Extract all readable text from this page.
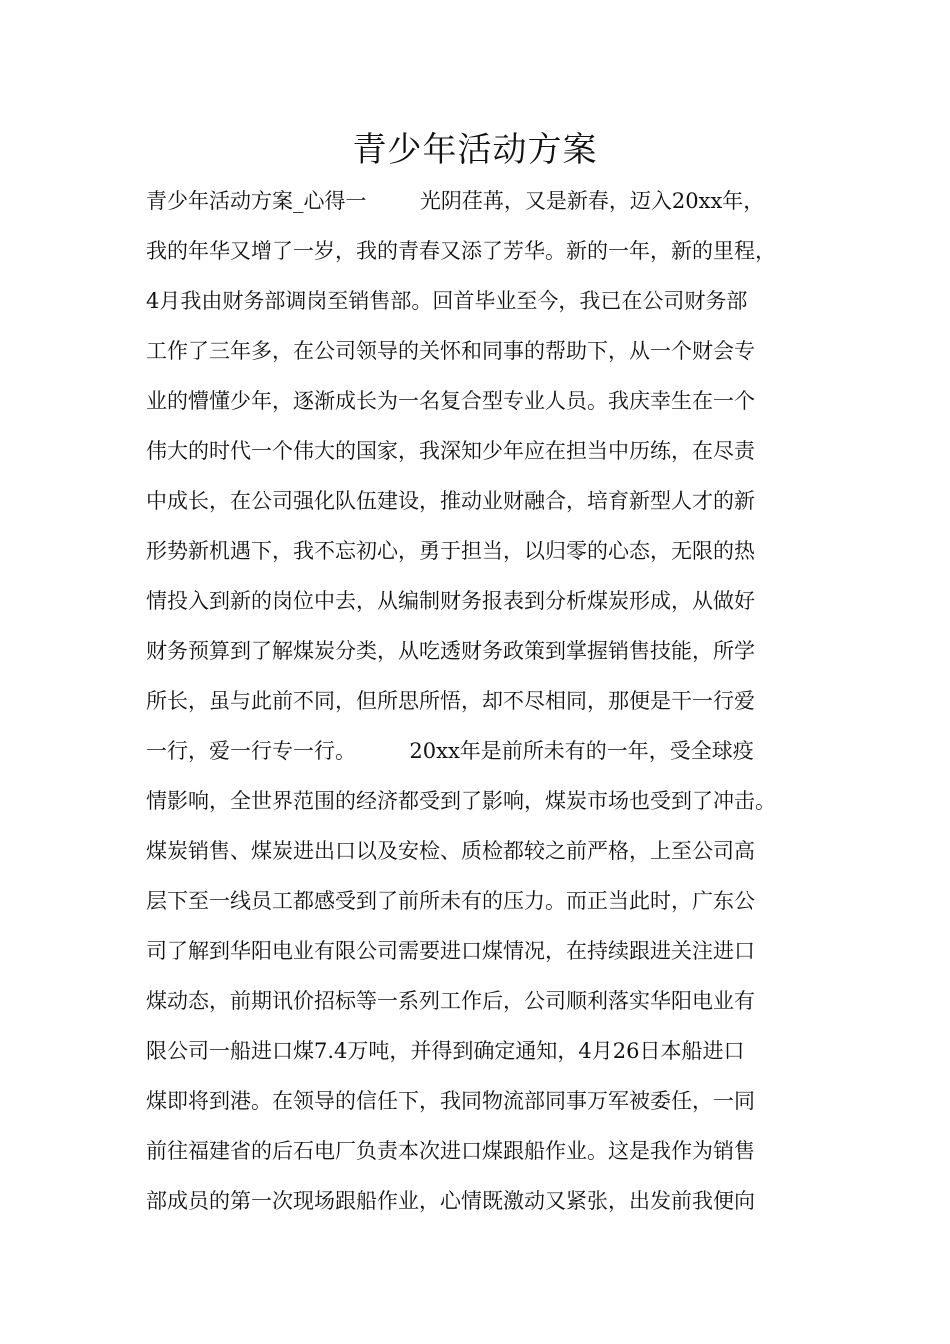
青少年活动方案
青少年活动方案_心得一        光阴荏苒，又是新春，迈入20xx年，
我的年华又增了一岁，我的青春又添了芳华。新的一年，新的里程，
4月我由财务部调岗至销售部。回首毕业至今，我已在公司财务部
工作了三年多，在公司领导的关怀和同事的帮助下，从一个财会专
业的懵懂少年，逐渐成长为一名复合型专业人员。我庆幸生在一个
伟大的时代一个伟大的国家，我深知少年应在担当中历练，在尽责
中成长，在公司强化队伍建设，推动业财融合，培育新型人才的新
形势新机遇下，我不忘初心，勇于担当，以归零的心态，无限的热
情投入到新的岗位中去，从编制财务报表到分析煤炭形成，从做好
财务预算到了解煤炭分类，从吃透财务政策到掌握销售技能，所学
所长，虽与此前不同，但所思所悟，却不尽相同，那便是干一行爱
一行，爱一行专一行。        20xx年是前所未有的一年，受全球疫
情影响，全世界范围的经济都受到了影响，煤炭市场也受到了冲击。
煤炭销售、煤炭进出口以及安检、质检都较之前严格，上至公司高
层下至一线员工都感受到了前所未有的压力。而正当此时，广东公
司了解到华阳电业有限公司需要进口煤情况，在持续跟进关注进口
煤动态，前期讯价招标等一系列工作后，公司顺利落实华阳电业有
限公司一船进口煤7.4万吨，并得到确定通知，4月26日本船进口
煤即将到港。在领导的信任下，我同物流部同事万军被委任，一同
前往福建省的后石电厂负责本次进口煤跟船作业。这是我作为销售
部成员的第一次现场跟船作业，心情既激动又紧张，出发前我便向
